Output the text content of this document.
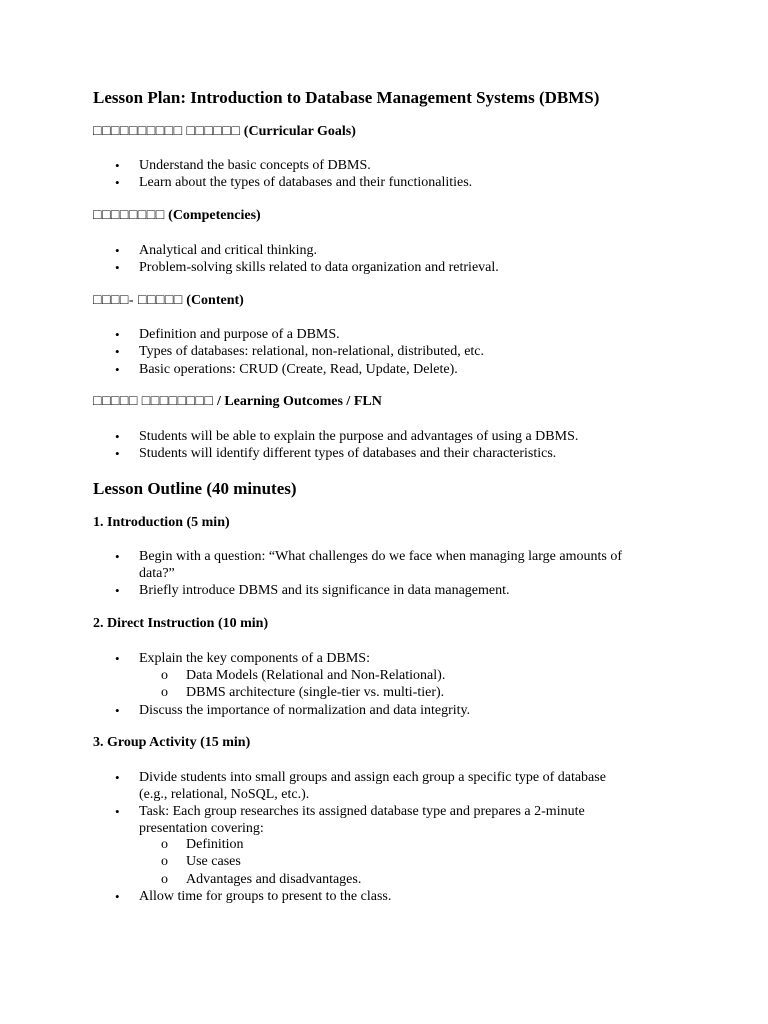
Lesson Plan: Introduction to Database Management Systems (DBMS)
□□□□□□□□□□ □□□□□□ (Curricular Goals)
• Understand the basic concepts of DBMS.
• Learn about the types of databases and their functionalities.
□□□□□□□□ (Competencies)
• Analytical and critical thinking.
• Problem-solving skills related to data organization and retrieval.
□□□□- □□□□□ (Content)
• Definition and purpose of a DBMS.
• Types of databases: relational, non-relational, distributed, etc.
• Basic operations: CRUD (Create, Read, Update, Delete).
□□□□□ □□□□□□□□ / Learning Outcomes / FLN
• Students will be able to explain the purpose and advantages of using a DBMS.
• Students will identify different types of databases and their characteristics.
Lesson Outline (40 minutes)
1. Introduction (5 min)
• Begin with a question: “What challenges do we face when managing large amounts of
data?”
• Briefly introduce DBMS and its significance in data management.
2. Direct Instruction (10 min)
• Explain the key components of a DBMS:
o Data Models (Relational and Non-Relational).
o DBMS architecture (single-tier vs. multi-tier).
• Discuss the importance of normalization and data integrity.
3. Group Activity (15 min)
• Divide students into small groups and assign each group a specific type of database
(e.g., relational, NoSQL, etc.).
• Task: Each group researches its assigned database type and prepares a 2-minute
presentation covering:
o Definition
o Use cases
o Advantages and disadvantages.
• Allow time for groups to present to the class.
